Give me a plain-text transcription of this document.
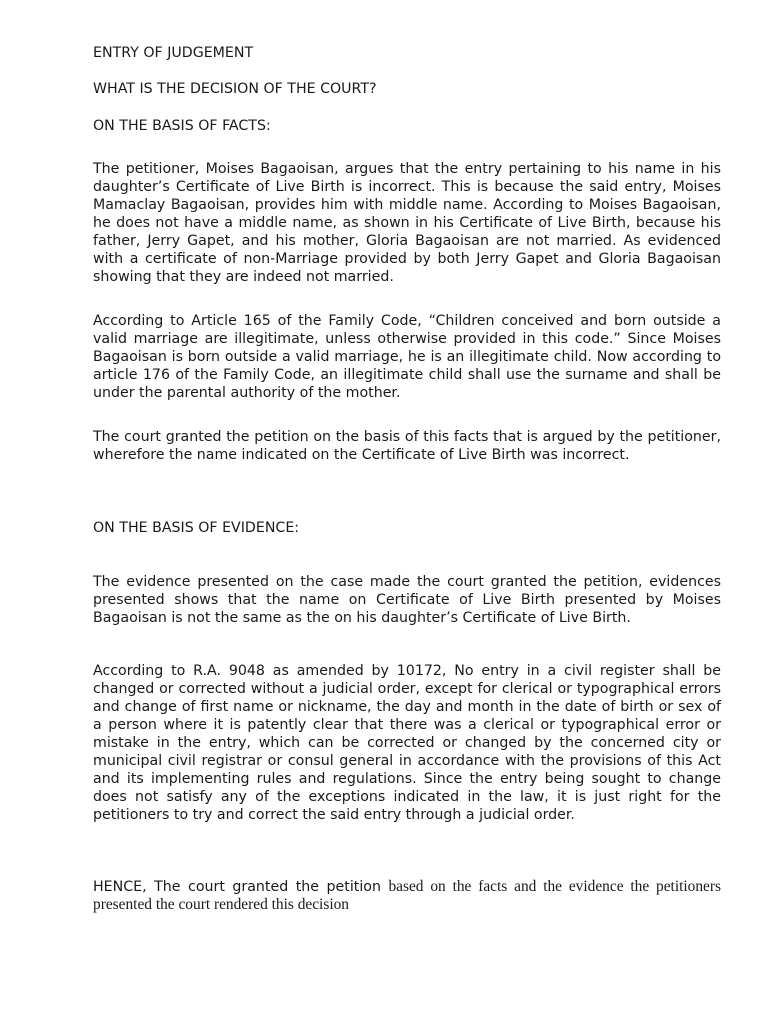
ENTRY OF JUDGEMENT

WHAT IS THE DECISION OF THE COURT?

ON THE BASIS OF FACTS:

The petitioner, Moises Bagaoisan, argues that the entry pertaining to his name in his daughter’s Certificate of Live Birth is incorrect. This is because the said entry, Moises Mamaclay Bagaoisan, provides him with middle name. According to Moises Bagaoisan, he does not have a middle name, as shown in his Certificate of Live Birth, because his father, Jerry Gapet, and his mother, Gloria Bagaoisan are not married. As evidenced with a certificate of non-Marriage provided by both Jerry Gapet and Gloria Bagaoisan showing that they are indeed not married.

According to Article 165 of the Family Code, “Children conceived and born outside a valid marriage are illegitimate, unless otherwise provided in this code.” Since Moises Bagaoisan is born outside a valid marriage, he is an illegitimate child. Now according to article 176 of the Family Code, an illegitimate child shall use the surname and shall be under the parental authority of the mother.

The court granted the petition on the basis of this facts that is argued by the petitioner, wherefore the name indicated on the Certificate of Live Birth was incorrect.

ON THE BASIS OF EVIDENCE:

The evidence presented on the case made the court granted the petition, evidences presented shows that the name on Certificate of Live Birth presented by Moises Bagaoisan is not the same as the on his daughter’s Certificate of Live Birth.

According to R.A. 9048 as amended by 10172, No entry in a civil register shall be changed or corrected without a judicial order, except for clerical or typographical errors and change of first name or nickname, the day and month in the date of birth or sex of a person where it is patently clear that there was a clerical or typographical error or mistake in the entry, which can be corrected or changed by the concerned city or municipal civil registrar or consul general in accordance with the provisions of this Act and its implementing rules and regulations. Since the entry being sought to change does not satisfy any of the exceptions indicated in the law, it is just right for the petitioners to try and correct the said entry through a judicial order.

HENCE, The court granted the petition based on the facts and the evidence the petitioners presented the court rendered this decision
